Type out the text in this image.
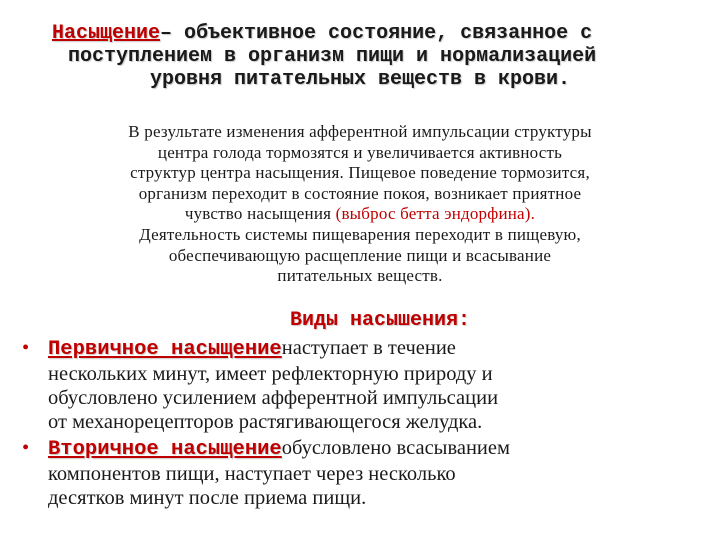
Насыщение– объективное состояние, связанное с
поступлением в организм пищи и нормализацией
уровня питательных веществ в крови.
В результате изменения афферентной импульсации структуры
центра голода тормозятся и увеличивается активность
структур центра насыщения. Пищевое поведение тормозится,
организм переходит в состояние покоя, возникает приятное
чувство насыщения (выброс бетта эндорфина).
Деятельность системы пищеварения переходит в пищевую,
обеспечивающую расщепление пищи и всасывание
питательных веществ.
Виды насышения:
• Первичное насыщениенаступает в течение
нескольких минут, имеет рефлекторную природу и
обусловлено усилением афферентной импульсации
от механорецепторов растягивающегося желудка.
• Вторичное насыщениеобусловлено всасыванием
компонентов пищи, наступает через несколько
десятков минут после приема пищи.
